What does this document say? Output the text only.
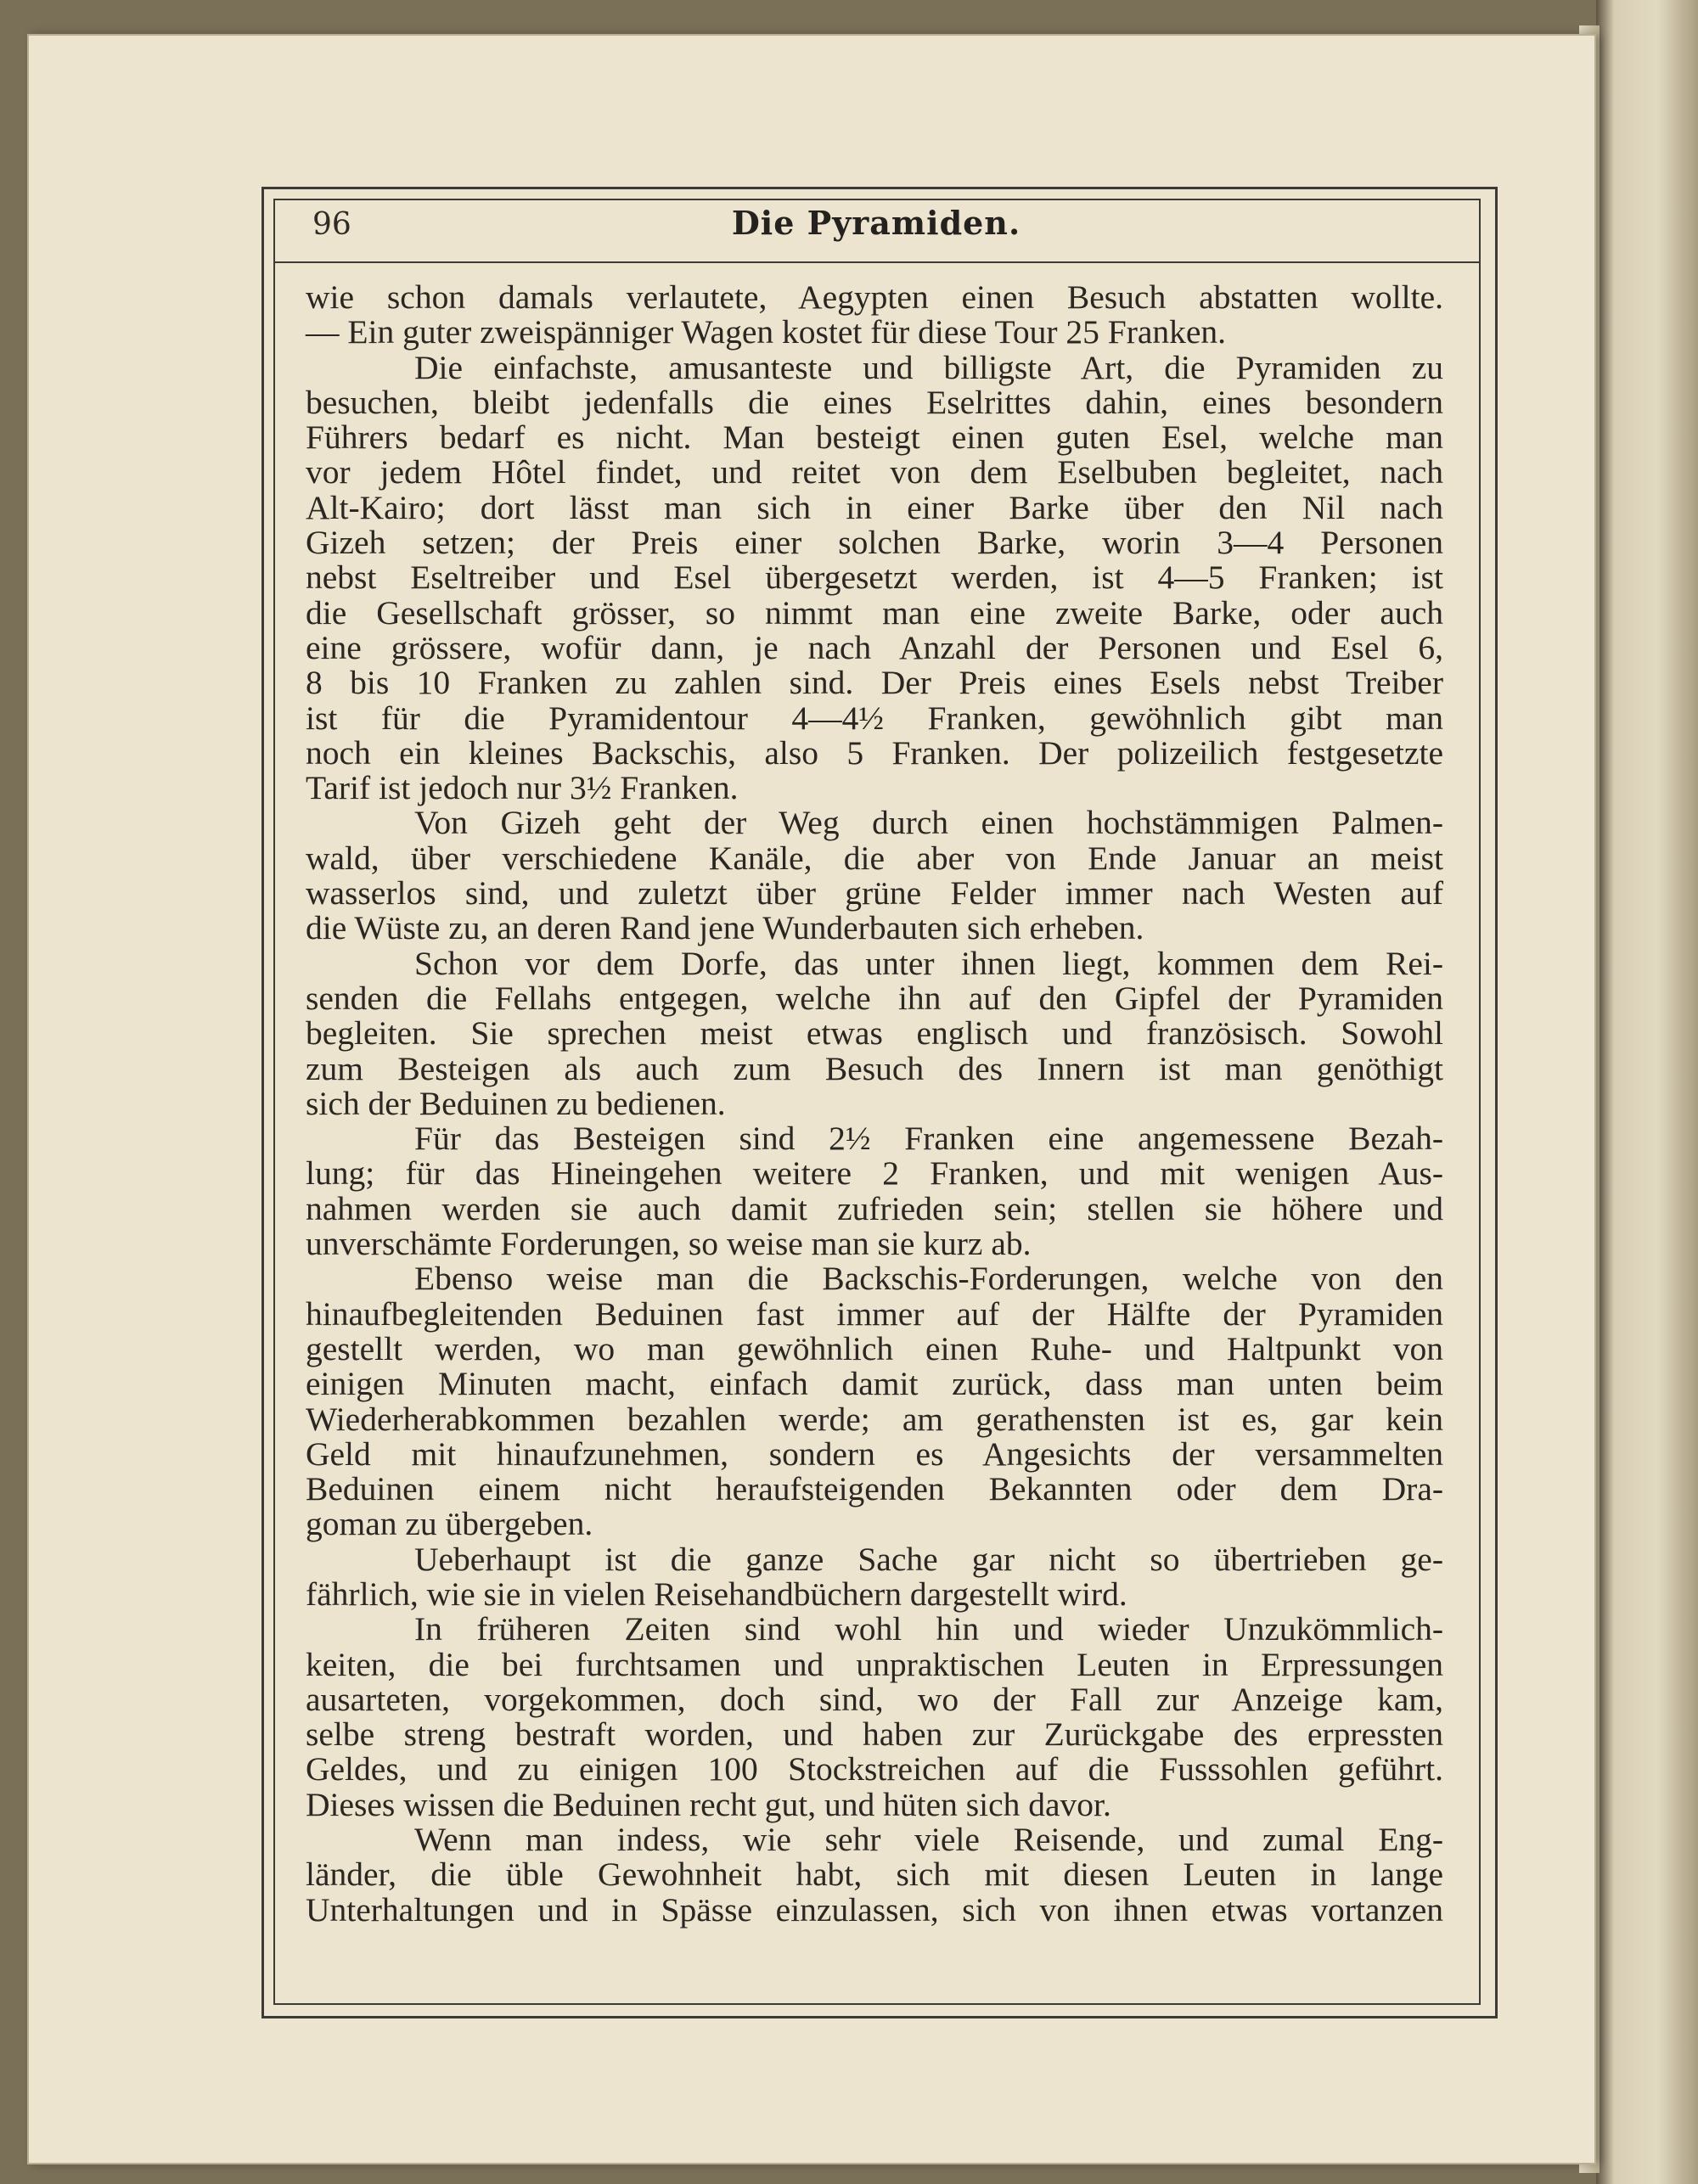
96	Die Pyramiden.
wie schon damals verlautete, Aegypten einen Besuch abstatten wollte.
— Ein guter zweispänniger Wagen kostet für diese Tour 25 Franken.
Die einfachste, amusanteste und billigste Art, die Pyramiden zu
besuchen, bleibt jedenfalls die eines Eselrittes dahin, eines besondern
Führers bedarf es nicht. Man besteigt einen guten Esel, welche man
vor jedem Hôtel findet, und reitet von dem Eselbuben begleitet, nach
Alt-Kairo; dort lässt man sich in einer Barke über den Nil nach
Gizeh setzen; der Preis einer solchen Barke, worin 3—4 Personen
nebst Eseltreiber und Esel übergesetzt werden, ist 4—5 Franken; ist
die Gesellschaft grösser, so nimmt man eine zweite Barke, oder auch
eine grössere, wofür dann, je nach Anzahl der Personen und Esel 6,
8 bis 10 Franken zu zahlen sind. Der Preis eines Esels nebst Treiber
ist für die Pyramidentour 4—4½ Franken, gewöhnlich gibt man
noch ein kleines Backschis, also 5 Franken. Der polizeilich festgesetzte
Tarif ist jedoch nur 3½ Franken.
Von Gizeh geht der Weg durch einen hochstämmigen Palmen-
wald, über verschiedene Kanäle, die aber von Ende Januar an meist
wasserlos sind, und zuletzt über grüne Felder immer nach Westen auf
die Wüste zu, an deren Rand jene Wunderbauten sich erheben.
Schon vor dem Dorfe, das unter ihnen liegt, kommen dem Rei-
senden die Fellahs entgegen, welche ihn auf den Gipfel der Pyramiden
begleiten. Sie sprechen meist etwas englisch und französisch. Sowohl
zum Besteigen als auch zum Besuch des Innern ist man genöthigt
sich der Beduinen zu bedienen.
Für das Besteigen sind 2½ Franken eine angemessene Bezah-
lung; für das Hineingehen weitere 2 Franken, und mit wenigen Aus-
nahmen werden sie auch damit zufrieden sein; stellen sie höhere und
unverschämte Forderungen, so weise man sie kurz ab.
Ebenso weise man die Backschis-Forderungen, welche von den
hinaufbegleitenden Beduinen fast immer auf der Hälfte der Pyramiden
gestellt werden, wo man gewöhnlich einen Ruhe- und Haltpunkt von
einigen Minuten macht, einfach damit zurück, dass man unten beim
Wiederherabkommen bezahlen werde; am gerathensten ist es, gar kein
Geld mit hinaufzunehmen, sondern es Angesichts der versammelten
Beduinen einem nicht heraufsteigenden Bekannten oder dem Dra-
goman zu übergeben.
Ueberhaupt ist die ganze Sache gar nicht so übertrieben ge-
fährlich, wie sie in vielen Reisehandbüchern dargestellt wird.
In früheren Zeiten sind wohl hin und wieder Unzukömmlich-
keiten, die bei furchtsamen und unpraktischen Leuten in Erpressungen
ausarteten, vorgekommen, doch sind, wo der Fall zur Anzeige kam,
selbe streng bestraft worden, und haben zur Zurückgabe des erpressten
Geldes, und zu einigen 100 Stockstreichen auf die Fusssohlen geführt.
Dieses wissen die Beduinen recht gut, und hüten sich davor.
Wenn man indess, wie sehr viele Reisende, und zumal Eng-
länder, die üble Gewohnheit habt, sich mit diesen Leuten in lange
Unterhaltungen und in Spässe einzulassen, sich von ihnen etwas vortanzen
